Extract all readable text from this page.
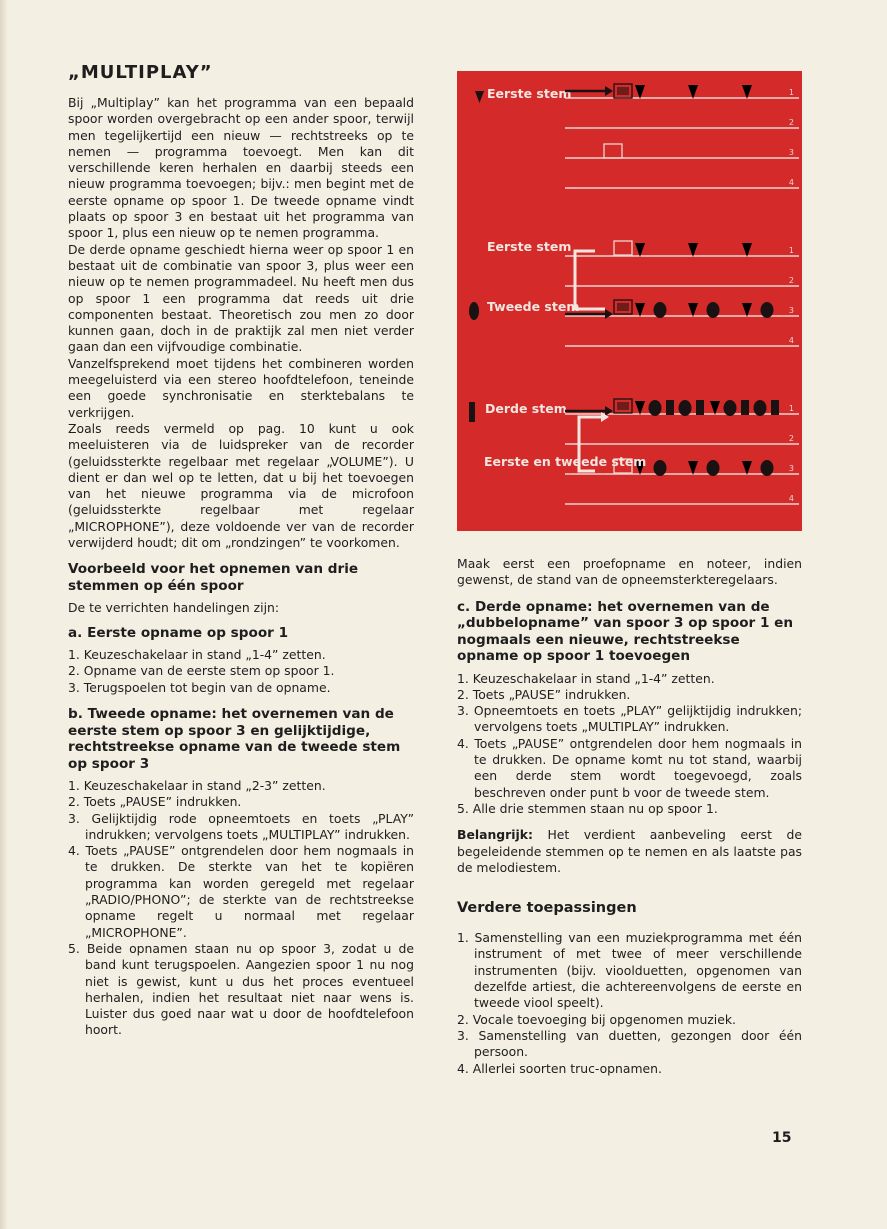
„MULTIPLAY”

Bij „Multiplay” kan het programma van een bepaald spoor worden overgebracht op een ander spoor, terwijl men tegelijkertijd een nieuw — rechtstreeks op te nemen — programma toevoegt. Men kan dit verschillende keren herhalen en daarbij steeds een nieuw programma toevoegen; bijv.: men begint met de eerste opname op spoor 1. De tweede opname vindt plaats op spoor 3 en bestaat uit het programma van spoor 1, plus een nieuw op te nemen programma.

De derde opname geschiedt hierna weer op spoor 1 en bestaat uit de combinatie van spoor 3, plus weer een nieuw op te nemen programmadeel. Nu heeft men dus op spoor 1 een programma dat reeds uit drie componenten bestaat. Theoretisch zou men zo door kunnen gaan, doch in de praktijk zal men niet verder gaan dan een vijfvoudige combinatie.

Vanzelfsprekend moet tijdens het combineren worden meegeluisterd via een stereo hoofdtelefoon, teneinde een goede synchronisatie en sterktebalans te verkrijgen.

Zoals reeds vermeld op pag. 10 kunt u ook meeluisteren via de luidspreker van de recorder (geluidssterkte regelbaar met regelaar „VOLUME”). U dient er dan wel op te letten, dat u bij het toevoegen van het nieuwe programma via de microfoon (geluidssterkte regelbaar met regelaar „MICROPHONE”), deze voldoende ver van de recorder verwijderd houdt; dit om „rondzingen” te voorkomen.

Voorbeeld voor het opnemen van drie stemmen op één spoor

De te verrichten handelingen zijn:

a. Eerste opname op spoor 1

1. Keuzeschakelaar in stand „1-4” zetten.
2. Opname van de eerste stem op spoor 1.
3. Terugspoelen tot begin van de opname.

b. Tweede opname: het overnemen van de eerste stem op spoor 3 en gelijktijdige, rechtstreekse opname van de tweede stem op spoor 3

1. Keuzeschakelaar in stand „2-3” zetten.
2. Toets „PAUSE” indrukken.
3. Gelijktijdig rode opneemtoets en toets „PLAY” indrukken; vervolgens toets „MULTIPLAY” indrukken.
4. Toets „PAUSE” ontgrendelen door hem nogmaals in te drukken. De sterkte van het te kopiëren programma kan worden geregeld met regelaar „RADIO/PHONO”; de sterkte van de rechtstreekse opname regelt u normaal met regelaar „MICROPHONE”.
5. Beide opnamen staan nu op spoor 3, zodat u de band kunt terugspoelen. Aangezien spoor 1 nu nog niet is gewist, kunt u dus het proces eventueel herhalen, indien het resultaat niet naar wens is. Luister dus goed naar wat u door de hoofdtelefoon hoort.
1
2
3
4
1
2
3
4
1
2
3
4
Eerste stem
Eerste stem
Tweede stem
Derde stem
Eerste en tweede stem

Maak eerst een proefopname en noteer, indien gewenst, de stand van de opneemsterkteregelaars.

c. Derde opname: het overnemen van de „dubbelopname” van spoor 3 op spoor 1 en nogmaals een nieuwe, rechtstreekse opname op spoor 1 toevoegen

1. Keuzeschakelaar in stand „1-4” zetten.
2. Toets „PAUSE” indrukken.
3. Opneemtoets en toets „PLAY” gelijktijdig indrukken; vervolgens toets „MULTIPLAY” indrukken.
4. Toets „PAUSE” ontgrendelen door hem nogmaals in te drukken. De opname komt nu tot stand, waarbij een derde stem wordt toegevoegd, zoals beschreven onder punt b voor de tweede stem.
5. Alle drie stemmen staan nu op spoor 1.

Belangrijk: Het verdient aanbeveling eerst de begeleidende stemmen op te nemen en als laatste pas de melodiestem.

Verdere toepassingen

1. Samenstelling van een muziekprogramma met één instrument of met twee of meer verschillende instrumenten (bijv. vioolduetten, opgenomen van dezelfde artiest, die achtereenvolgens de eerste en tweede viool speelt).
2. Vocale toevoeging bij opgenomen muziek.
3. Samenstelling van duetten, gezongen door één persoon.
4. Allerlei soorten truc-opnamen.
15
